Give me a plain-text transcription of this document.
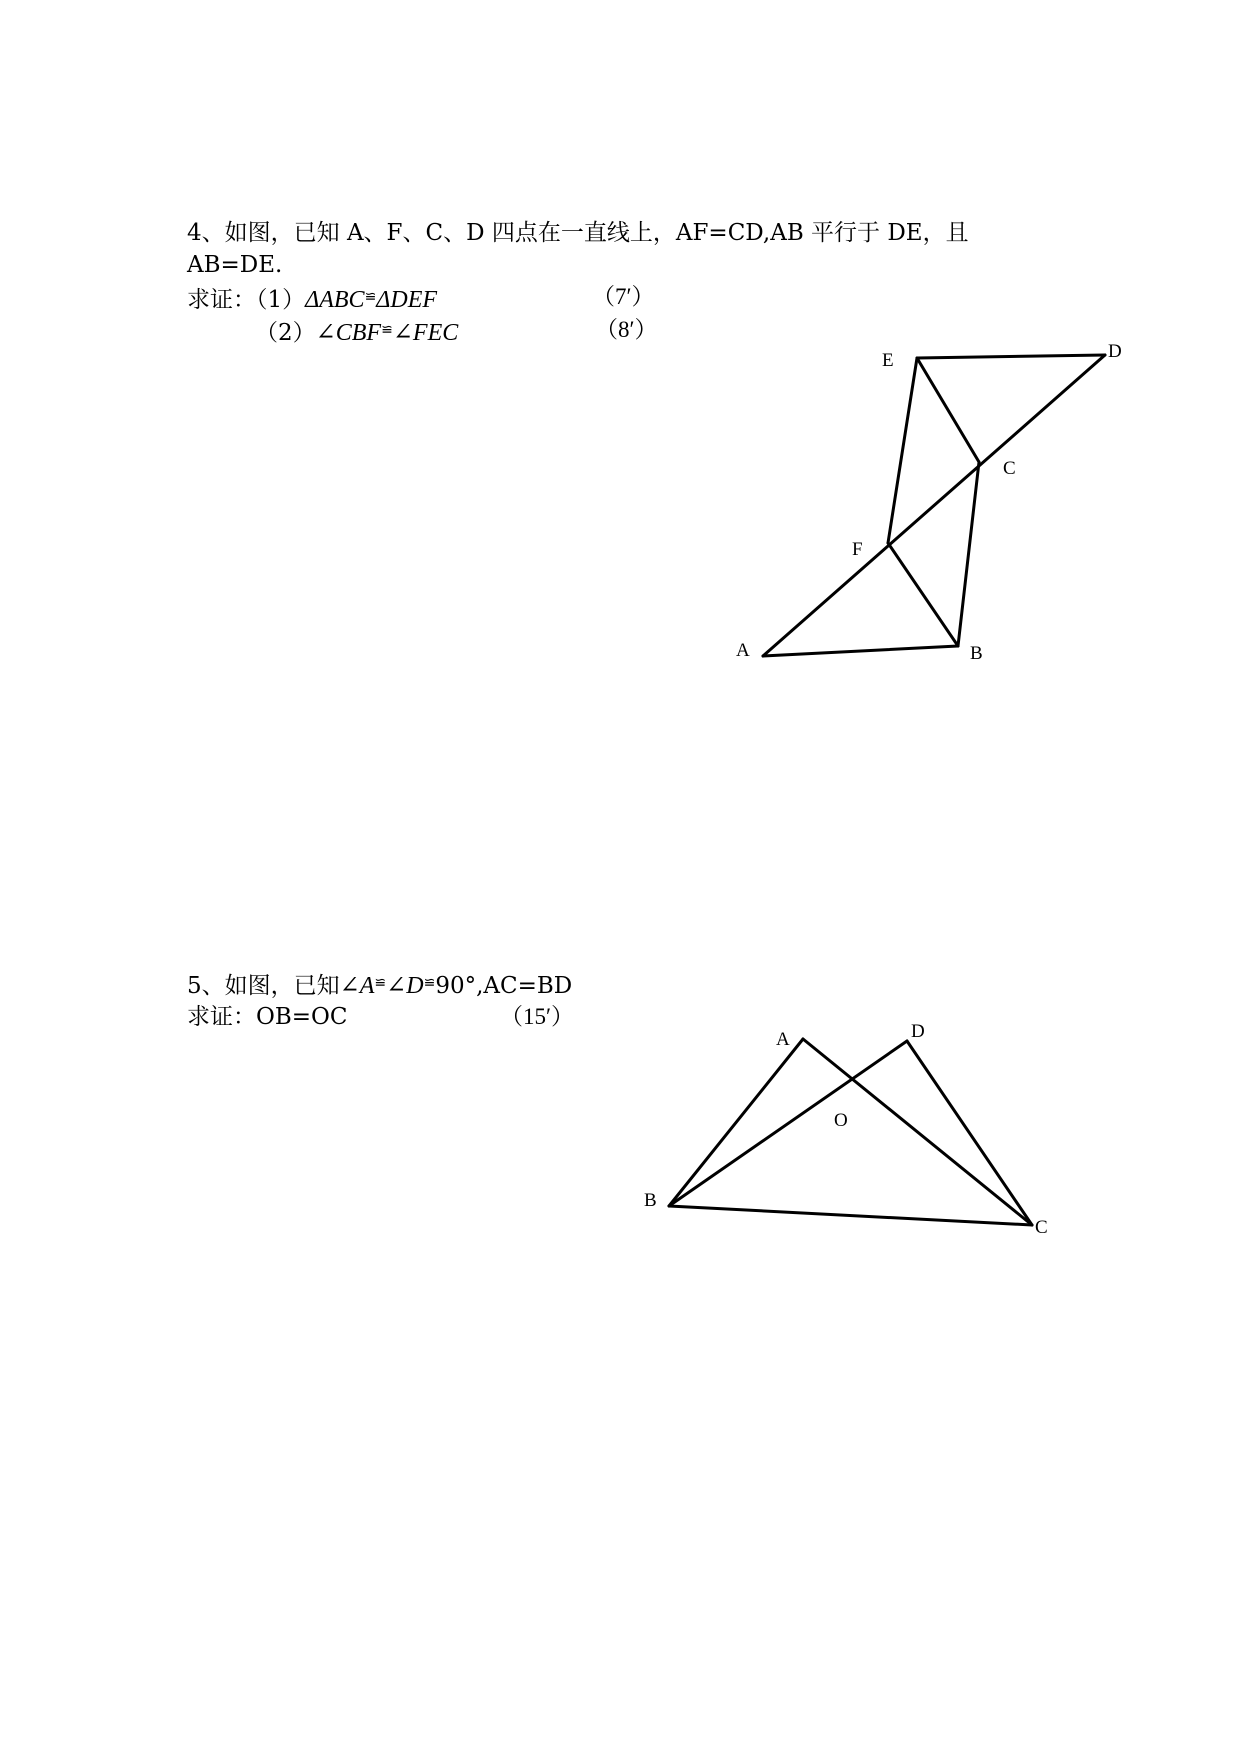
4、如图，已知 A、F、C、D 四点在一直线上，AF=CD,AB 平行于 DE，且
AB=DE.
求证：（1）ΔABC≌ΔDEF	（7′）
（2）∠CBF≌∠FEC	（8′）
E	D
C
F
A	B
5、如图，已知∠A≌∠D≌90°,AC=BD
求证：OB=OC	（15′）
A	D
O
B
C
